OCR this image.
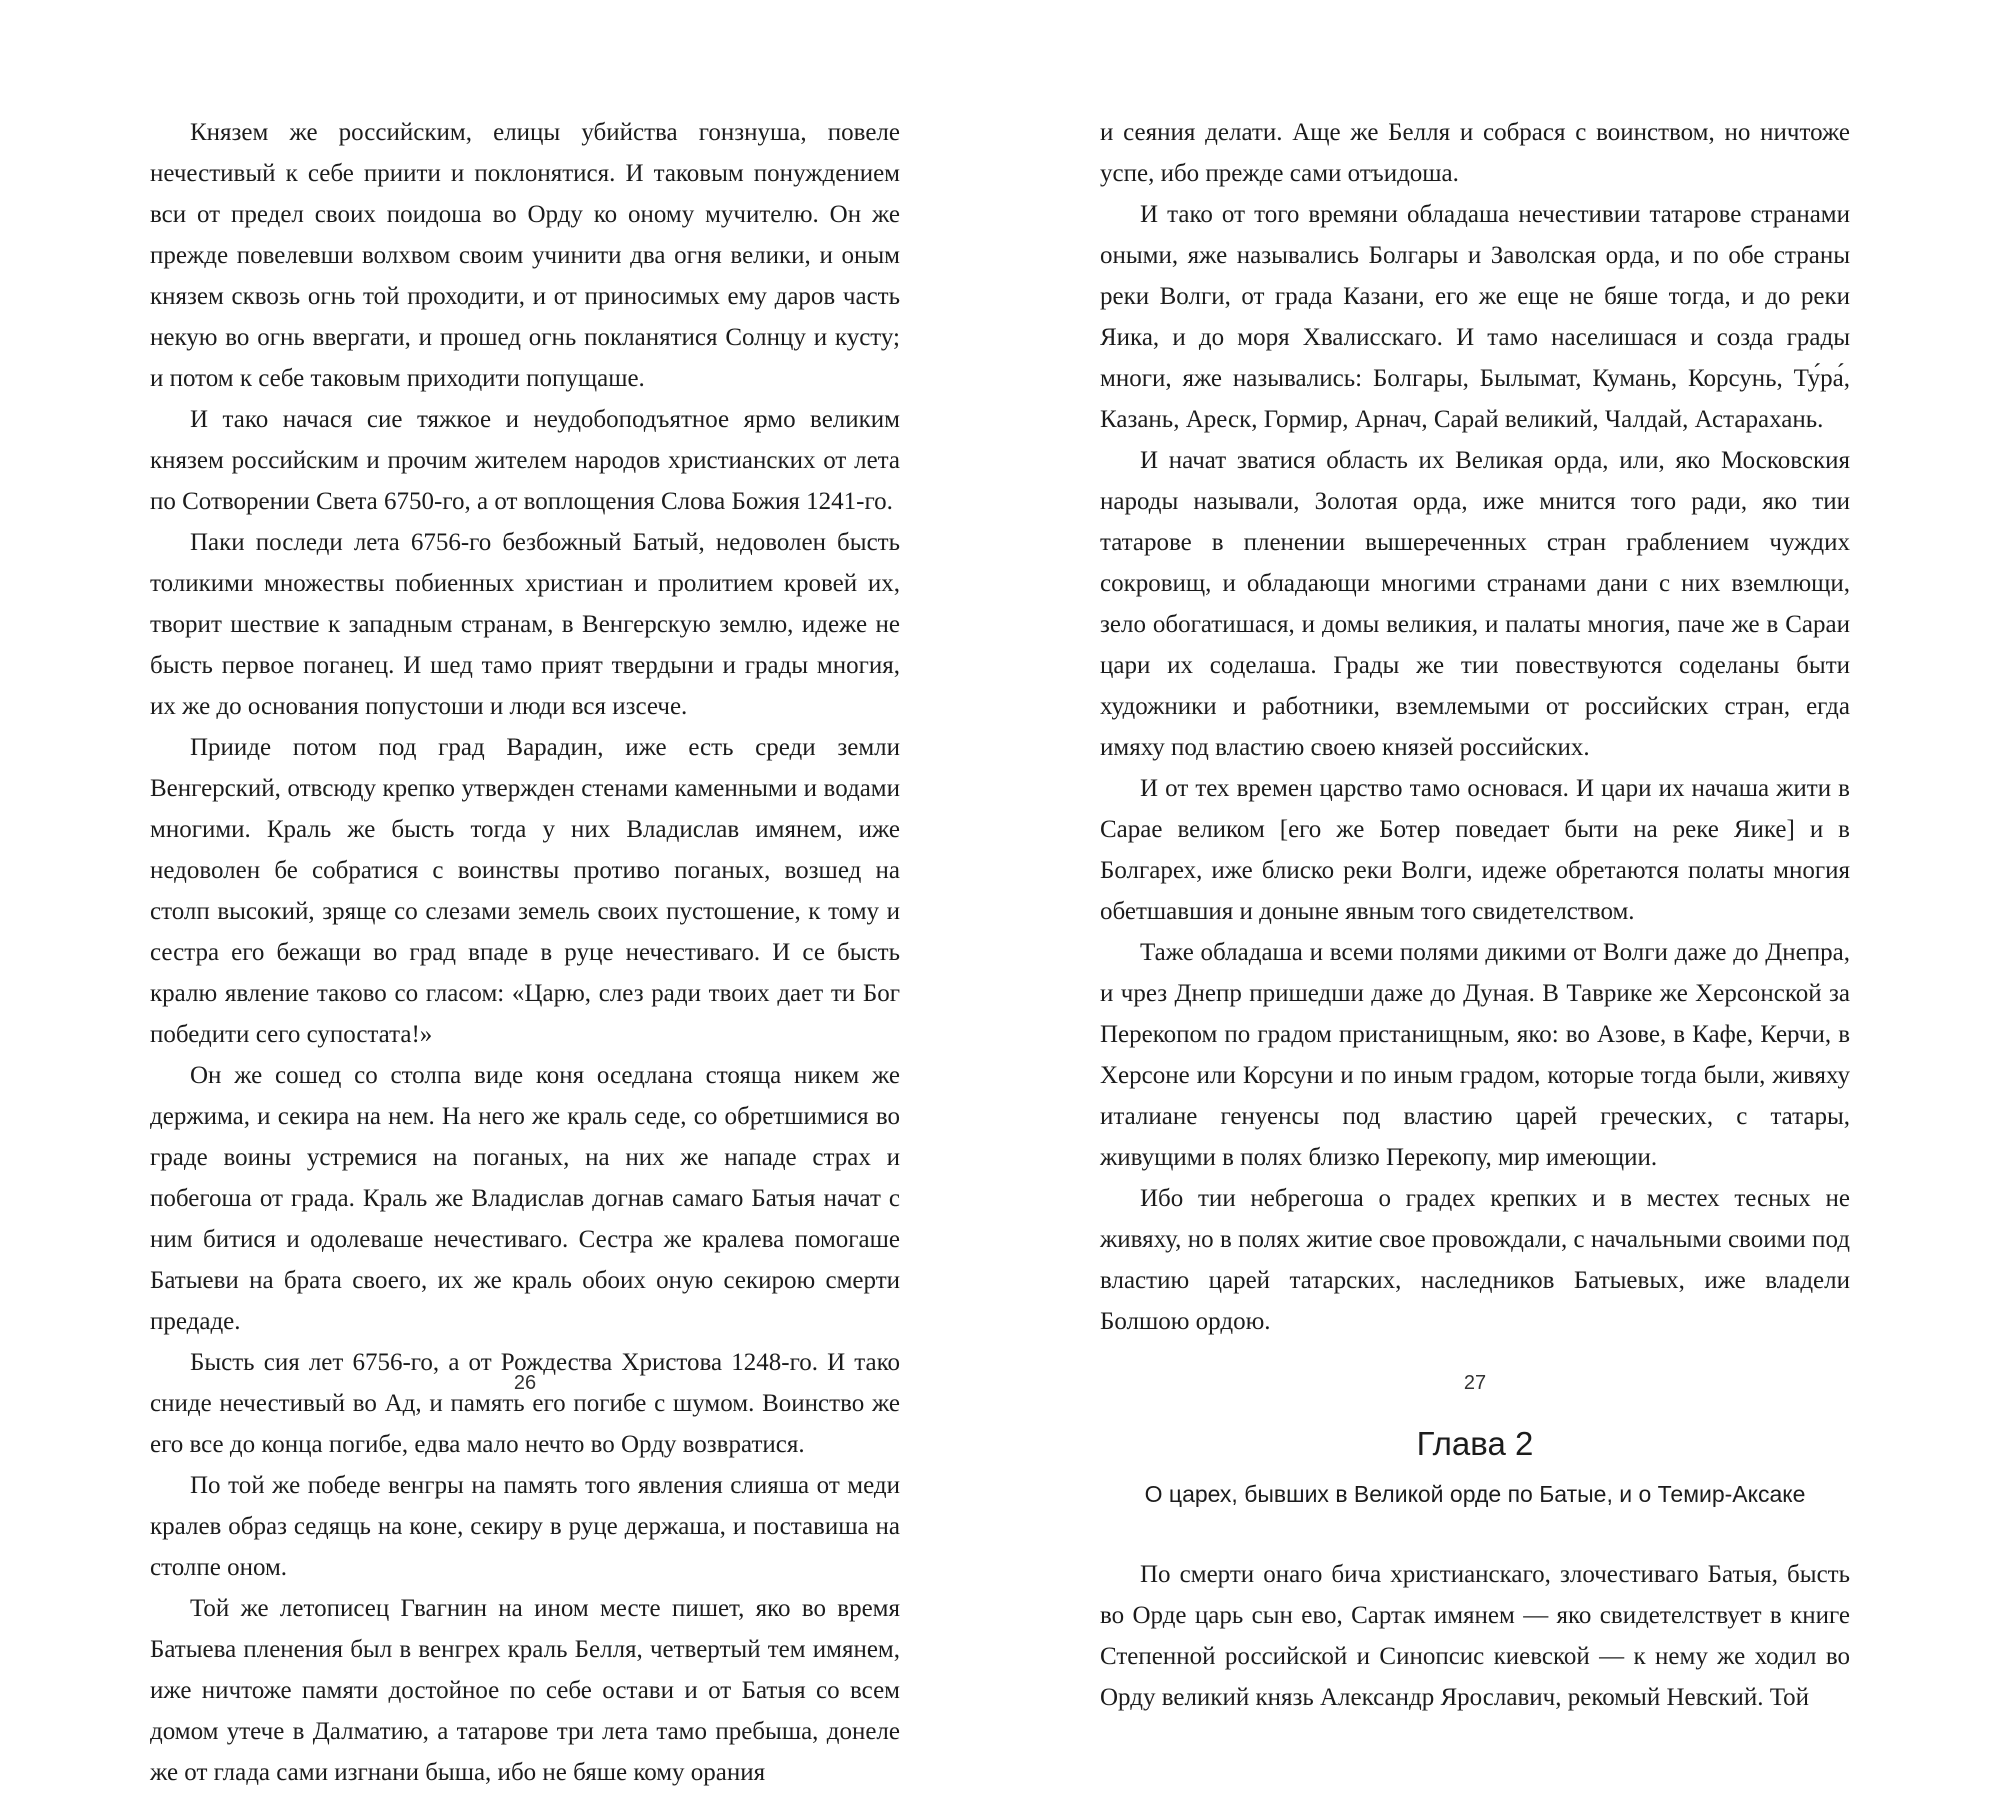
Князем же российским, елицы убийства гонзнуша, повеле нечестивый к себе приити и поклонятися. И таковым понуждением вси от предел своих поидоша во Орду ко оному мучителю. Он же прежде повелевши волхвом своим учинити два огня велики, и оным князем сквозь огнь той проходити, и от приносимых ему даров часть некую во огнь ввергати, и прошед огнь покланятися Солнцу и кусту; и потом к себе таковым приходити попущаше.

И тако начася сие тяжкое и неудобоподъятное ярмо великим князем российским и прочим жителем народов христианских от лета по Сотворении Света 6750-го, а от воплощения Слова Божия 1241-го.

Паки последи лета 6756-го безбожный Батый, недоволен бысть толикими множествы побиенных христиан и пролитием кровей их, творит шествие к западным странам, в Венгерскую землю, идеже не бысть первое поганец. И шед тамо прият твердыни и грады многия, их же до основания попустоши и люди вся изсече.

Прииде потом под град Варадин, иже есть среди земли Венгерский, отвсюду крепко утвержден стенами каменными и водами многими. Краль же бысть тогда у них Владислав имянем, иже недоволен бе собратися с воинствы противо поганых, возшед на столп высокий, зряще со слезами земель своих пустошение, к тому и сестра его бежащи во град впаде в руце нечестиваго. И се бысть кралю явление таково со гласом: «Царю, слез ради твоих дает ти Бог победити сего супостата!»

Он же сошед со столпа виде коня оседлана стояща никем же держима, и секира на нем. На него же краль седе, со обретшимися во граде воины устремися на поганых, на них же нападе страх и побегоша от града. Краль же Владислав догнав самаго Батыя начат с ним битися и одолеваше нечестиваго. Сестра же кралева помогаше Батыеви на брата своего, их же краль обоих оную секирою смерти предаде.

Бысть сия лет 6756-го, а от Рождества Христова 1248-го. И тако сниде нечестивый во Ад, и память его погибе с шумом. Воинство же его все до конца погибе, едва мало нечто во Орду возвратися.

По той же победе венгры на память того явления слияша от меди кралев образ седящь на коне, секиру в руце держаша, и поставиша на столпе оном.

Той же летописец Гвагнин на ином месте пишет, яко во время Батыева пленения был в венгрех краль Белля, четвертый тем имянем, иже ничтоже памяти достойное по себе остави и от Батыя со всем домом утече в Далматию, а татарове три лета тамо пребыша, донеле же от глада сами изгнани быша, ибо не бяше кому орания

26

и сеяния делати. Аще же Белля и собрася с воинством, но ничтоже успе, ибо прежде сами отъидоша.

И тако от того времяни обладаша нечестивии татарове странами оными, яже назывались Болгары и Заволская орда, и по обе страны реки Волги, от града Казани, его же еще не бяше тогда, и до реки Яика, и до моря Хвалисскаго. И тамо населишася и созда грады многи, яже назывались: Болгары, Былымат, Кумань, Корсунь, Ту́ра́, Казань, Ареск, Гормир, Арнач, Сарай великий, Чалдай, Астарахань.

И начат зватися область их Великая орда, или, яко Московския народы называли, Золотая орда, иже мнится того ради, яко тии татарове в пленении вышереченных стран граблением чуждих сокровищ, и обладающи многими странами дани с них вземлющи, зело обогатишася, и домы великия, и палаты многия, паче же в Сараи цари их соделаша. Грады же тии повествуются соделаны быти художники и работники, вземлемыми от российских стран, егда имяху под властию своею князей российских.

И от тех времен царство тамо основася. И цари их начаша жити в Сарае великом [его же Ботер поведает быти на реке Яике] и в Болгарех, иже блиско реки Волги, идеже обретаются полаты многия обетшавшия и доныне явным того свидетелством.

Таже обладаша и всеми полями дикими от Волги даже до Днепра, и чрез Днепр пришедши даже до Дуная. В Таврике же Херсонской за Перекопом по градом пристанищным, яко: во Азове, в Кафе, Керчи, в Херсоне или Корсуни и по иным градом, которые тогда были, живяху италиане генуенсы под властию царей греческих, с татары, живущими в полях близко Перекопу, мир имеющии.

Ибо тии небрегоша о градех крепких и в местех тесных не живяху, но в полях житие свое провождали, с начальными своими под властию царей татарских, наследников Батыевых, иже владели Болшою ордою.

Глава 2
О царех, бывших в Великой орде по Батые, и о Темир-Аксаке

По смерти онаго бича христианскаго, злочестиваго Батыя, бысть во Орде царь сын ево, Сартак имянем — яко свидетелствует в книге Степенной российской и Синопсис киевской — к нему же ходил во Орду великий князь Александр Ярославич, рекомый Невский. Той

27
